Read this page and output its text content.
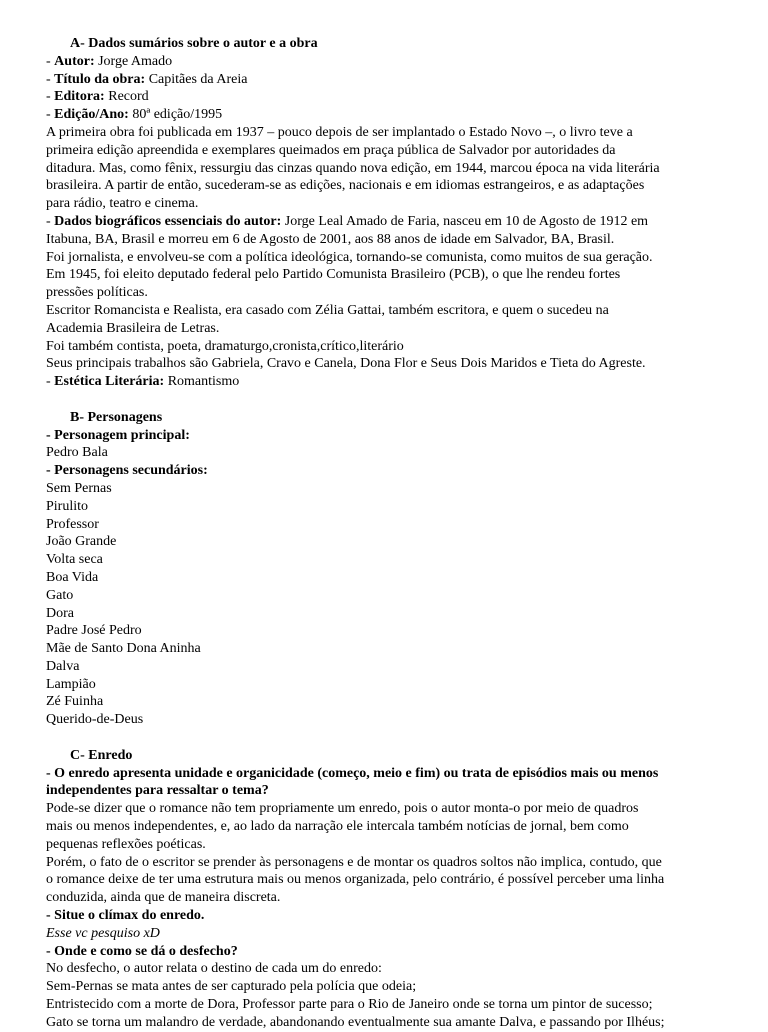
A- Dados sumários sobre o autor e a obra
- Autor: Jorge Amado
- Título da obra: Capitães da Areia
- Editora: Record
- Edição/Ano: 80ª edição/1995
A primeira obra foi publicada em 1937 – pouco depois de ser implantado o Estado Novo –, o livro teve a
primeira edição apreendida e exemplares queimados em praça pública de Salvador por autoridades da
ditadura. Mas, como fênix, ressurgiu das cinzas quando nova edição, em 1944, marcou época na vida literária
brasileira. A partir de então, sucederam-se as edições, nacionais e em idiomas estrangeiros, e as adaptações
para rádio, teatro e cinema.
- Dados biográficos essenciais do autor: Jorge Leal Amado de Faria, nasceu em 10 de Agosto de 1912 em
Itabuna, BA, Brasil e morreu em 6 de Agosto de 2001, aos 88 anos de idade em Salvador, BA, Brasil.
Foi jornalista, e envolveu-se com a política ideológica, tornando-se comunista, como muitos de sua geração.
Em 1945, foi eleito deputado federal pelo Partido Comunista Brasileiro (PCB), o que lhe rendeu fortes
pressões políticas.
Escritor Romancista e Realista, era casado com Zélia Gattai, também escritora, e quem o sucedeu na
Academia Brasileira de Letras.
Foi também contista, poeta, dramaturgo,cronista,crítico,literário
Seus principais trabalhos são Gabriela, Cravo e Canela, Dona Flor e Seus Dois Maridos e Tieta do Agreste.
- Estética Literária: Romantismo
B- Personagens
- Personagem principal:
Pedro Bala
- Personagens secundários:
Sem Pernas
Pirulito
Professor
João Grande
Volta seca
Boa Vida
Gato
Dora
Padre José Pedro
Mãe de Santo Dona Aninha
Dalva
Lampião
Zé Fuinha
Querido-de-Deus
C- Enredo
- O enredo apresenta unidade e organicidade (começo, meio e fim) ou trata de episódios mais ou menos
independentes para ressaltar o tema?
Pode-se dizer que o romance não tem propriamente um enredo, pois o autor monta-o por meio de quadros
mais ou menos independentes, e, ao lado da narração ele intercala também notícias de jornal, bem como
pequenas reflexões poéticas.
Porém, o fato de o escritor se prender às personagens e de montar os quadros soltos não implica, contudo, que
o romance deixe de ter uma estrutura mais ou menos organizada, pelo contrário, é possível perceber uma linha
conduzida, ainda que de maneira discreta.
- Situe o clímax do enredo.
Esse vc pesquiso xD
- Onde e como se dá o desfecho?
No desfecho, o autor relata o destino de cada um do enredo:
Sem-Pernas se mata antes de ser capturado pela polícia que odeia;
Entristecido com a morte de Dora, Professor parte para o Rio de Janeiro onde se torna um pintor de sucesso;
Gato se torna um malandro de verdade, abandonando eventualmente sua amante Dalva, e passando por Ilhéus;
